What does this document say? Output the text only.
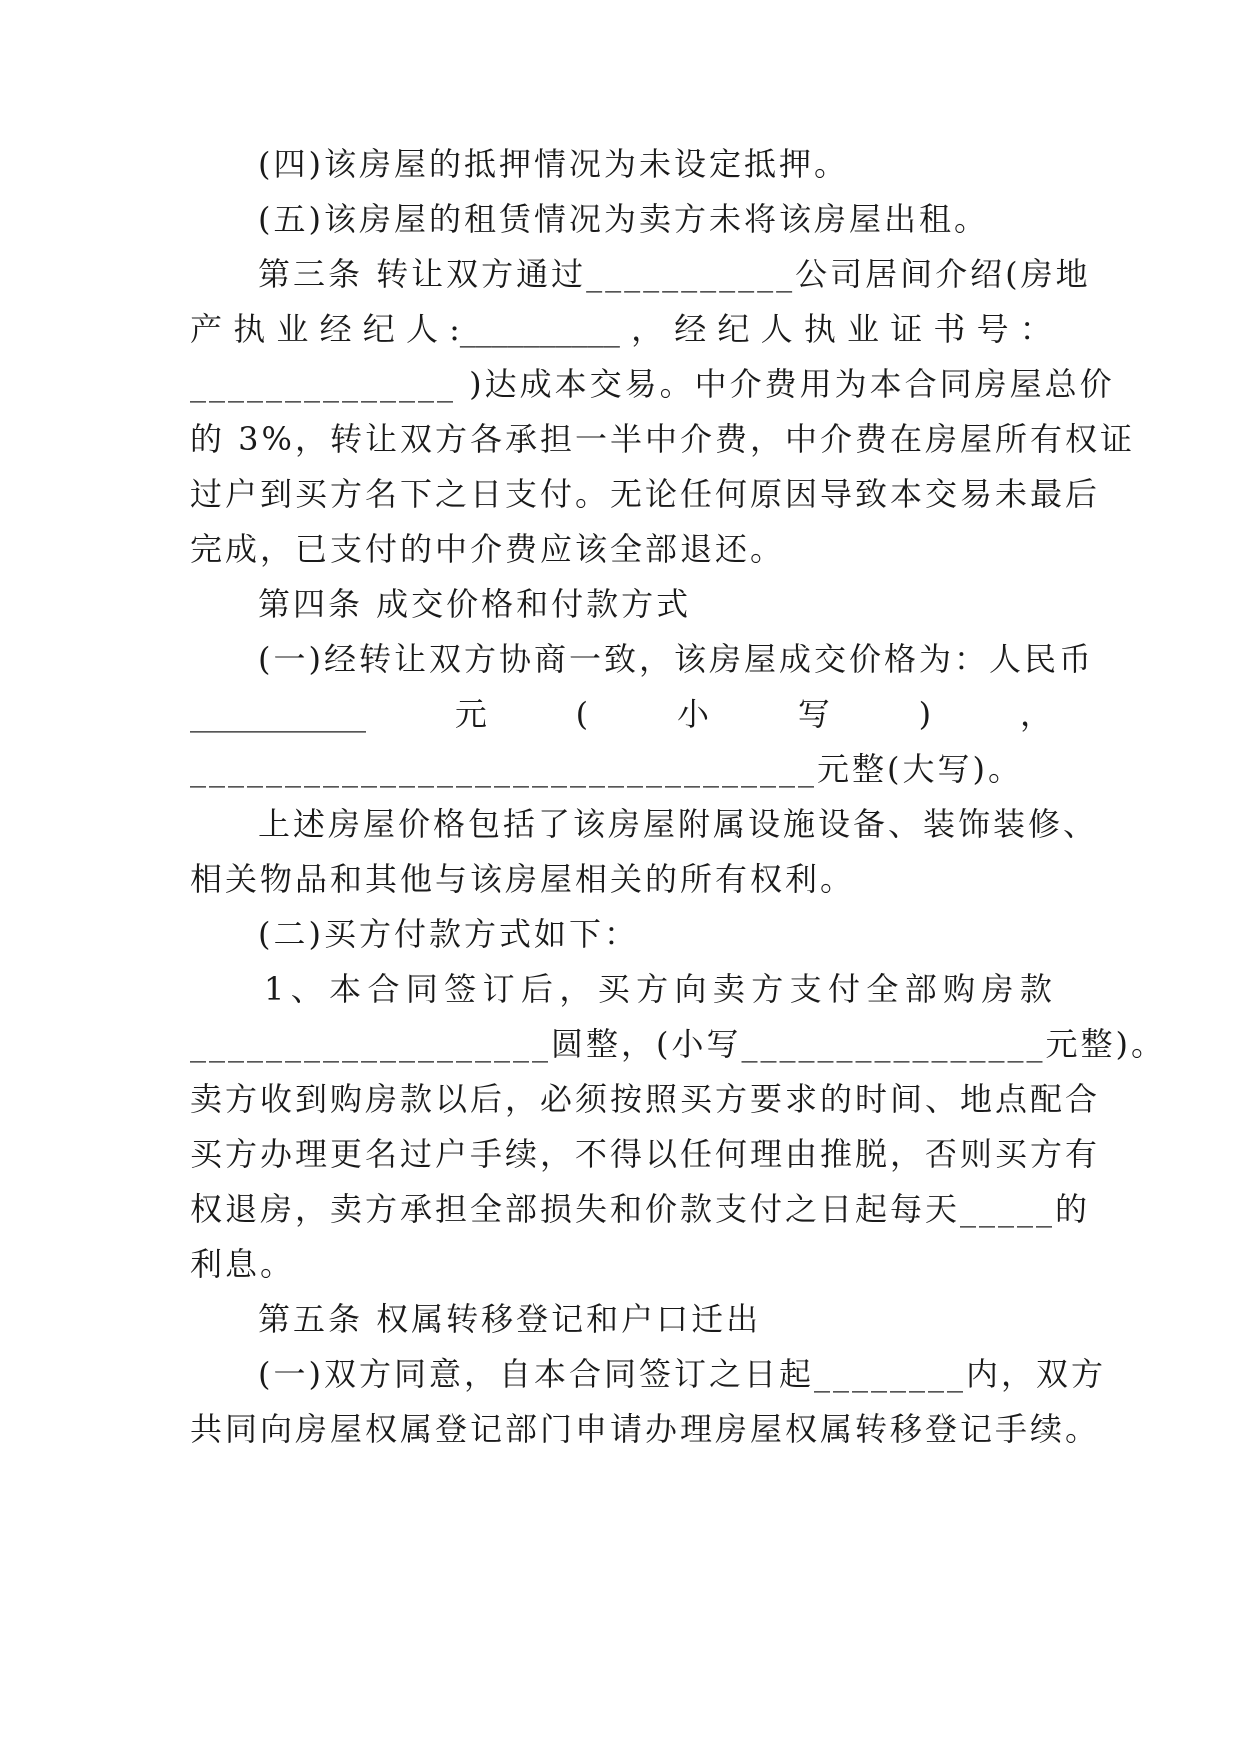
(四)该房屋的抵押情况为未设定抵押。
(五)该房屋的租赁情况为卖方未将该房屋出租。
第三条 转让双方通过___________公司居间介绍(房地
产 执 业 经 纪 人 :__________ ， 经 纪 人 执 业 证 书 号 ：
______________ )达成本交易。中介费用为本合同房屋总价
的 3%，转让双方各承担一半中介费，中介费在房屋所有权证
过户到买方名下之日支付。无论任何原因导致本交易未最后
完成，已支付的中介费应该全部退还。
第四条 成交价格和付款方式
(一)经转让双方协商一致，该房屋成交价格为：人民币
___________	元	(	小	写	)	，
_________________________________元整(大写)。
上述房屋价格包括了该房屋附属设施设备、装饰装修、
相关物品和其他与该房屋相关的所有权利。
(二)买方付款方式如下：
1 、 本 合 同 签 订 后 ， 买 方 向 卖 方 支 付 全 部 购 房 款
___________________圆整，(小写________________元整)。
卖方收到购房款以后，必须按照买方要求的时间、地点配合
买方办理更名过户手续，不得以任何理由推脱，否则买方有
权退房，卖方承担全部损失和价款支付之日起每天_____的
利息。
第五条 权属转移登记和户口迁出
(一)双方同意，自本合同签订之日起________内，双方
共同向房屋权属登记部门申请办理房屋权属转移登记手续。
